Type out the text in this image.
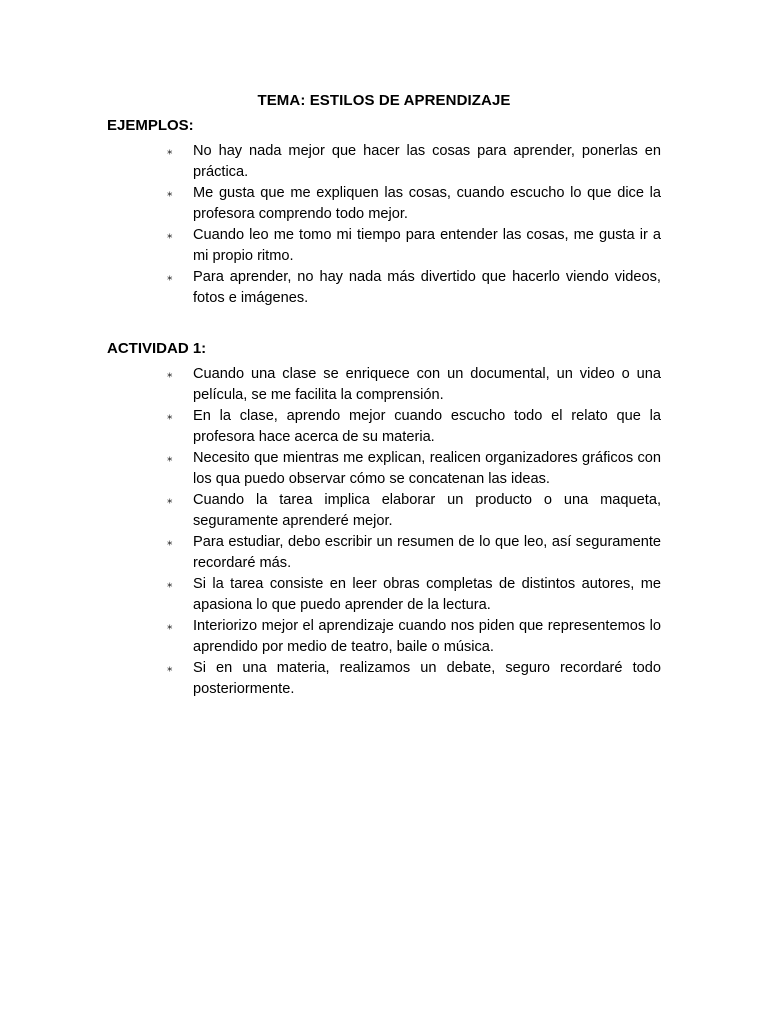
TEMA: ESTILOS DE APRENDIZAJE
EJEMPLOS:
⁎	No hay nada mejor que hacer las cosas para aprender, ponerlas en práctica.
⁎	Me gusta que me expliquen las cosas, cuando escucho lo que dice la profesora comprendo todo mejor.
⁎	Cuando leo me tomo mi tiempo para entender las cosas, me gusta ir a mi propio ritmo.
⁎	Para aprender, no hay nada más divertido que hacerlo viendo videos, fotos e imágenes.
ACTIVIDAD 1:
⁎	Cuando una clase se enriquece con un documental, un video o una película, se me facilita la comprensión.
⁎	En la clase, aprendo mejor cuando escucho todo el relato que la profesora hace acerca de su materia.
⁎	Necesito que mientras me explican, realicen organizadores gráficos con los qua puedo observar cómo se concatenan las ideas.
⁎	Cuando la tarea implica elaborar un producto o una maqueta, seguramente aprenderé mejor.
⁎	Para estudiar, debo escribir un resumen de lo que leo, así seguramente recordaré más.
⁎	Si la tarea consiste en leer obras completas de distintos autores, me apasiona lo que puedo aprender de la lectura.
⁎	Interiorizo mejor el aprendizaje cuando nos piden que representemos lo aprendido por medio de teatro, baile o música.
⁎	Si en una materia, realizamos un debate, seguro recordaré todo posteriormente.
